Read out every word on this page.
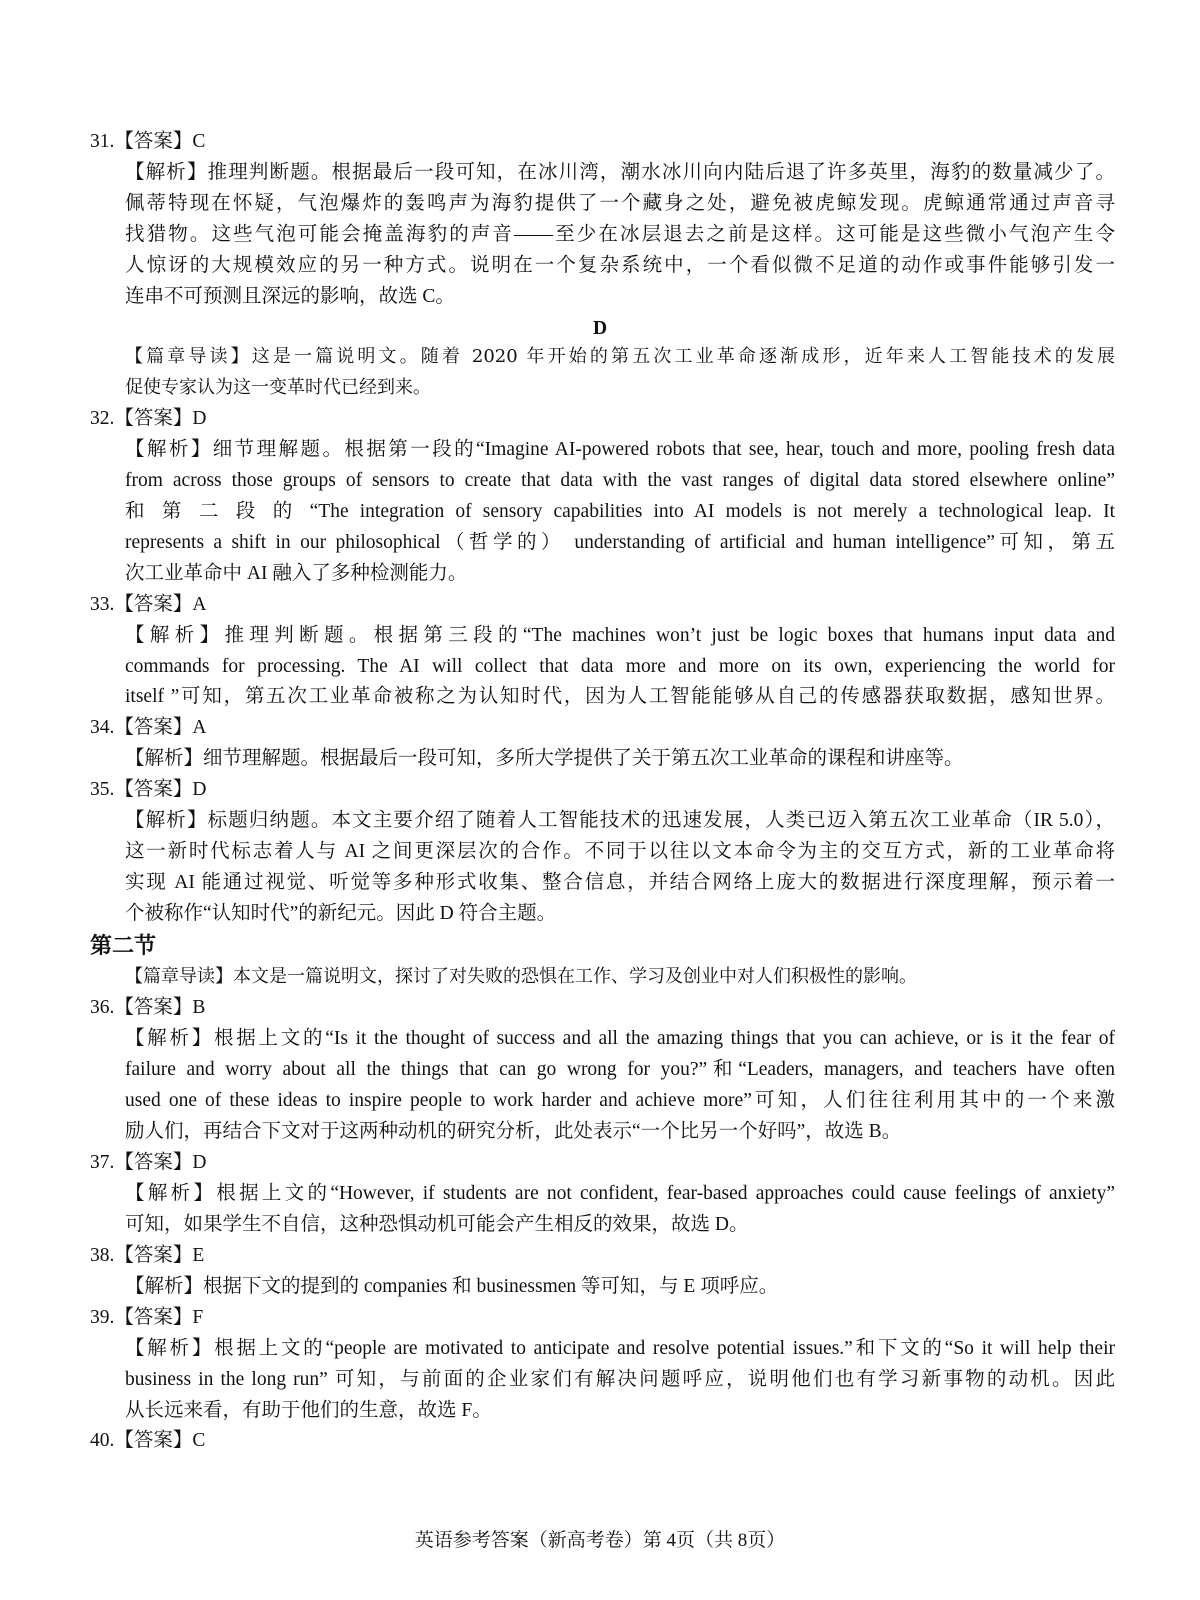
31.【答案】C
【解析】推理判断题。根据最后一段可知，在冰川湾，潮水冰川向内陆后退了许多英里，海豹的数量减少了。
佩蒂特现在怀疑，气泡爆炸的轰鸣声为海豹提供了一个藏身之处，避免被虎鲸发现。虎鲸通常通过声音寻
找猎物。这些气泡可能会掩盖海豹的声音——至少在冰层退去之前是这样。这可能是这些微小气泡产生令
人惊讶的大规模效应的另一种方式。说明在一个复杂系统中，一个看似微不足道的动作或事件能够引发一
连串不可预测且深远的影响，故选 C。
D
【篇章导读】这是一篇说明文。随着 2020 年开始的第五次工业革命逐渐成形，近年来人工智能技术的发展
促使专家认为这一变革时代已经到来。
32.【答案】D
【解析】细节理解题。根据第一段的“Imagine AI-powered robots that see, hear, touch and more, pooling fresh data
from across those groups of sensors to create that data with the vast ranges of digital data stored elsewhere online”
和 第 二 段 的 “The integration of sensory capabilities into AI models is not merely a technological leap. It
represents a shift in our philosophical（哲学的） understanding of artificial and human intelligence”可知，第五
次工业革命中 AI 融入了多种检测能力。
33.【答案】A
【解析】推理判断题。根据第三段的“The machines won’t just be logic boxes that humans input data and
commands for processing. The AI will collect that data more and more on its own, experiencing the world for
itself ”可知，第五次工业革命被称之为认知时代，因为人工智能能够从自己的传感器获取数据，感知世界。
34.【答案】A
【解析】细节理解题。根据最后一段可知，多所大学提供了关于第五次工业革命的课程和讲座等。
35.【答案】D
【解析】标题归纳题。本文主要介绍了随着人工智能技术的迅速发展，人类已迈入第五次工业革命（IR 5.0），
这一新时代标志着人与 AI 之间更深层次的合作。不同于以往以文本命令为主的交互方式，新的工业革命将
实现 AI 能通过视觉、听觉等多种形式收集、整合信息，并结合网络上庞大的数据进行深度理解，预示着一
个被称作“认知时代”的新纪元。因此 D 符合主题。
第二节
【篇章导读】本文是一篇说明文，探讨了对失败的恐惧在工作、学习及创业中对人们积极性的影响。
36.【答案】B
【解析】根据上文的“Is it the thought of success and all the amazing things that you can achieve, or is it the fear of
failure and worry about all the things that can go wrong for you?”和“Leaders, managers, and teachers have often
used one of these ideas to inspire people to work harder and achieve more”可知，人们往往利用其中的一个来激
励人们，再结合下文对于这两种动机的研究分析，此处表示“一个比另一个好吗”，故选 B。
37.【答案】D
【解析】根据上文的“However, if students are not confident, fear-based approaches could cause feelings of anxiety”
可知，如果学生不自信，这种恐惧动机可能会产生相反的效果，故选 D。
38.【答案】E
【解析】根据下文的提到的 companies 和 businessmen 等可知，与 E 项呼应。
39.【答案】F
【解析】根据上文的“people are motivated to anticipate and resolve potential issues.”和下文的“So it will help their
business in the long run” 可知，与前面的企业家们有解决问题呼应，说明他们也有学习新事物的动机。因此
从长远来看，有助于他们的生意，故选 F。
40.【答案】C
英语参考答案（新高考卷）第 4页（共 8页）
